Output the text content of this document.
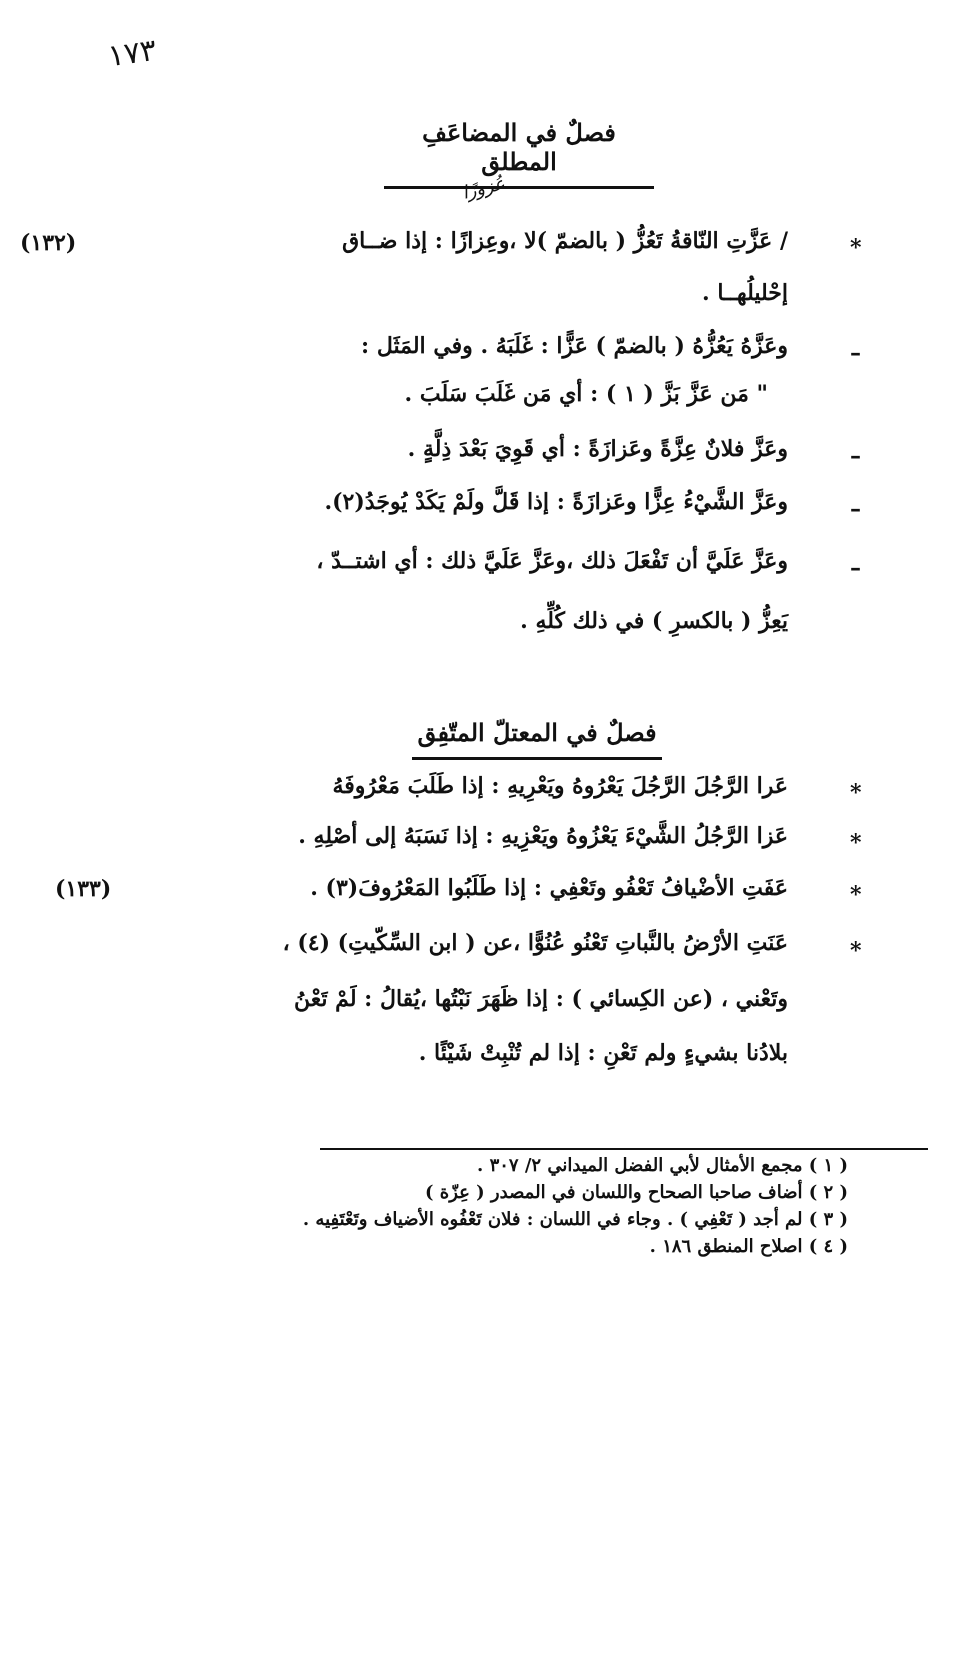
١٧٣
فصلٌ في المضاعَفِ المطلق
عُزوزًا
*
(١٣٢)	/ عَزَّتِ النّاقةُ تَعُزُّ ( بالضمّ )لا ،وعِزازًا : إذا ضــاق
إحْليلُهــا .
–
وعَزَّهُ يَعُزُّهُ ( بالضمّ ) عَزًّا : غَلَبَهُ . وفي المَثَل :
" مَن عَزَّ بَزَّ ( ١ ) : أي مَن غَلَبَ سَلَبَ .
–
وعَزَّ فلانٌ عِزَّةً وعَزازَةً : أي قَوِيَ بَعْدَ ذِلَّةٍ .
–
وعَزَّ الشَّيْءُ عِزًّا وعَزازَةً : إذا قَلَّ ولَمْ يَكَدْ يُوجَدُ(٢).
–
وعَزَّ عَلَيَّ أن تَفْعَلَ ذلك ،وعَزَّ عَلَيَّ ذلك : أي اشتــدّ ،
يَعِزُّ ( بالكسرِ ) في ذلك كُلِّهِ .
فصلٌ في المعتلّ المتّفِق
*
عَرا الرَّجُلَ الرَّجُلَ يَعْرُوهُ ويَعْرِيهِ : إذا طَلَبَ مَعْرُوفَهُ
*
عَزا الرَّجُلُ الشَّيْءَ يَعْزُوهُ ويَعْزِيهِ : إذا نَسَبَهُ إلى أصْلِهِ .
*
(١٣٣)	عَفَتِ الأضْيافُ تَعْفُو وتَعْفِي : إذا طَلَبُوا المَعْرُوفَ(٣) .
*
عَنَتِ الأرْضُ بالنَّباتِ تَعْنُو عُنُوًّا ،عن ( ابن السِّكّيتِ) (٤) ،
وتَعْني ، (عن الكِسائي ) : إذا ظَهَرَ نَبْتُها ،يُقالُ : لَمْ تَعْنُ
بلادُنا بشيءٍ ولم تَعْنِ : إذا لم تُنْبِتْ شَيْئًا .
( ١ ) مجمع الأمثال لأبي الفضل الميداني ٢/ ٣٠٧ .
( ٢ ) أضاف صاحبا الصحاح واللسان في المصدر ( عِزّة )
( ٣ ) لم أجد ( تَعْفِي ) . وجاء في اللسان : فلان تَعْفُوه الأضياف وتَعْتَفِيه .
( ٤ ) اصلاح المنطق ١٨٦ .
